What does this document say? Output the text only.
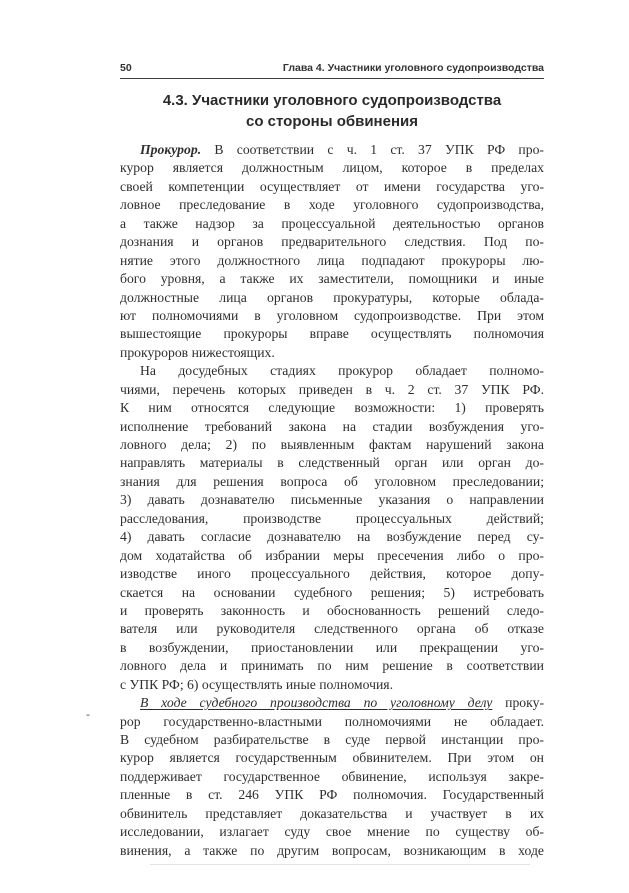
50	Глава 4. Участники уголовного судопроизводства
4.3. Участники уголовного судопроизводства
со стороны обвинения
Прокурор. В соответствии с ч. 1 ст. 37 УПК РФ про-
курор является должностным лицом, которое в пределах
своей компетенции осуществляет от имени государства уго-
ловное преследование в ходе уголовного судопроизводства,
а также надзор за процессуальной деятельностью органов
дознания и органов предварительного следствия. Под по-
нятие этого должностного лица подпадают прокуроры лю-
бого уровня, а также их заместители, помощники и иные
должностные лица органов прокуратуры, которые облада-
ют полномочиями в уголовном судопроизводстве. При этом
вышестоящие прокуроры вправе осуществлять полномочия
прокуроров нижестоящих.
На досудебных стадиях прокурор обладает полномо-
чиями, перечень которых приведен в ч. 2 ст. 37 УПК РФ.
К ним относятся следующие возможности: 1) проверять
исполнение требований закона на стадии возбуждения уго-
ловного дела; 2) по выявленным фактам нарушений закона
направлять материалы в следственный орган или орган до-
знания для решения вопроса об уголовном преследовании;
3) давать дознавателю письменные указания о направлении
расследования, производстве процессуальных действий;
4) давать согласие дознавателю на возбуждение перед су-
дом ходатайства об избрании меры пресечения либо о про-
изводстве иного процессуального действия, которое допу-
скается на основании судебного решения; 5) истребовать
и проверять законность и обоснованность решений следо-
вателя или руководителя следственного органа об отказе
в возбуждении, приостановлении или прекращении уго-
ловного дела и принимать по ним решение в соответствии
с УПК РФ; 6) осуществлять иные полномочия.
В ходе судебного производства по уголовному делу проку-
рор государственно-властными полномочиями не обладает.
В судебном разбирательстве в суде первой инстанции про-
курор является государственным обвинителем. При этом он
поддерживает государственное обвинение, используя закре-
пленные в ст. 246 УПК РФ полномочия. Государственный
обвинитель представляет доказательства и участвует в их
исследовании, излагает суду свое мнение по существу об-
винения, а также по другим вопросам, возникающим в ходе
-
